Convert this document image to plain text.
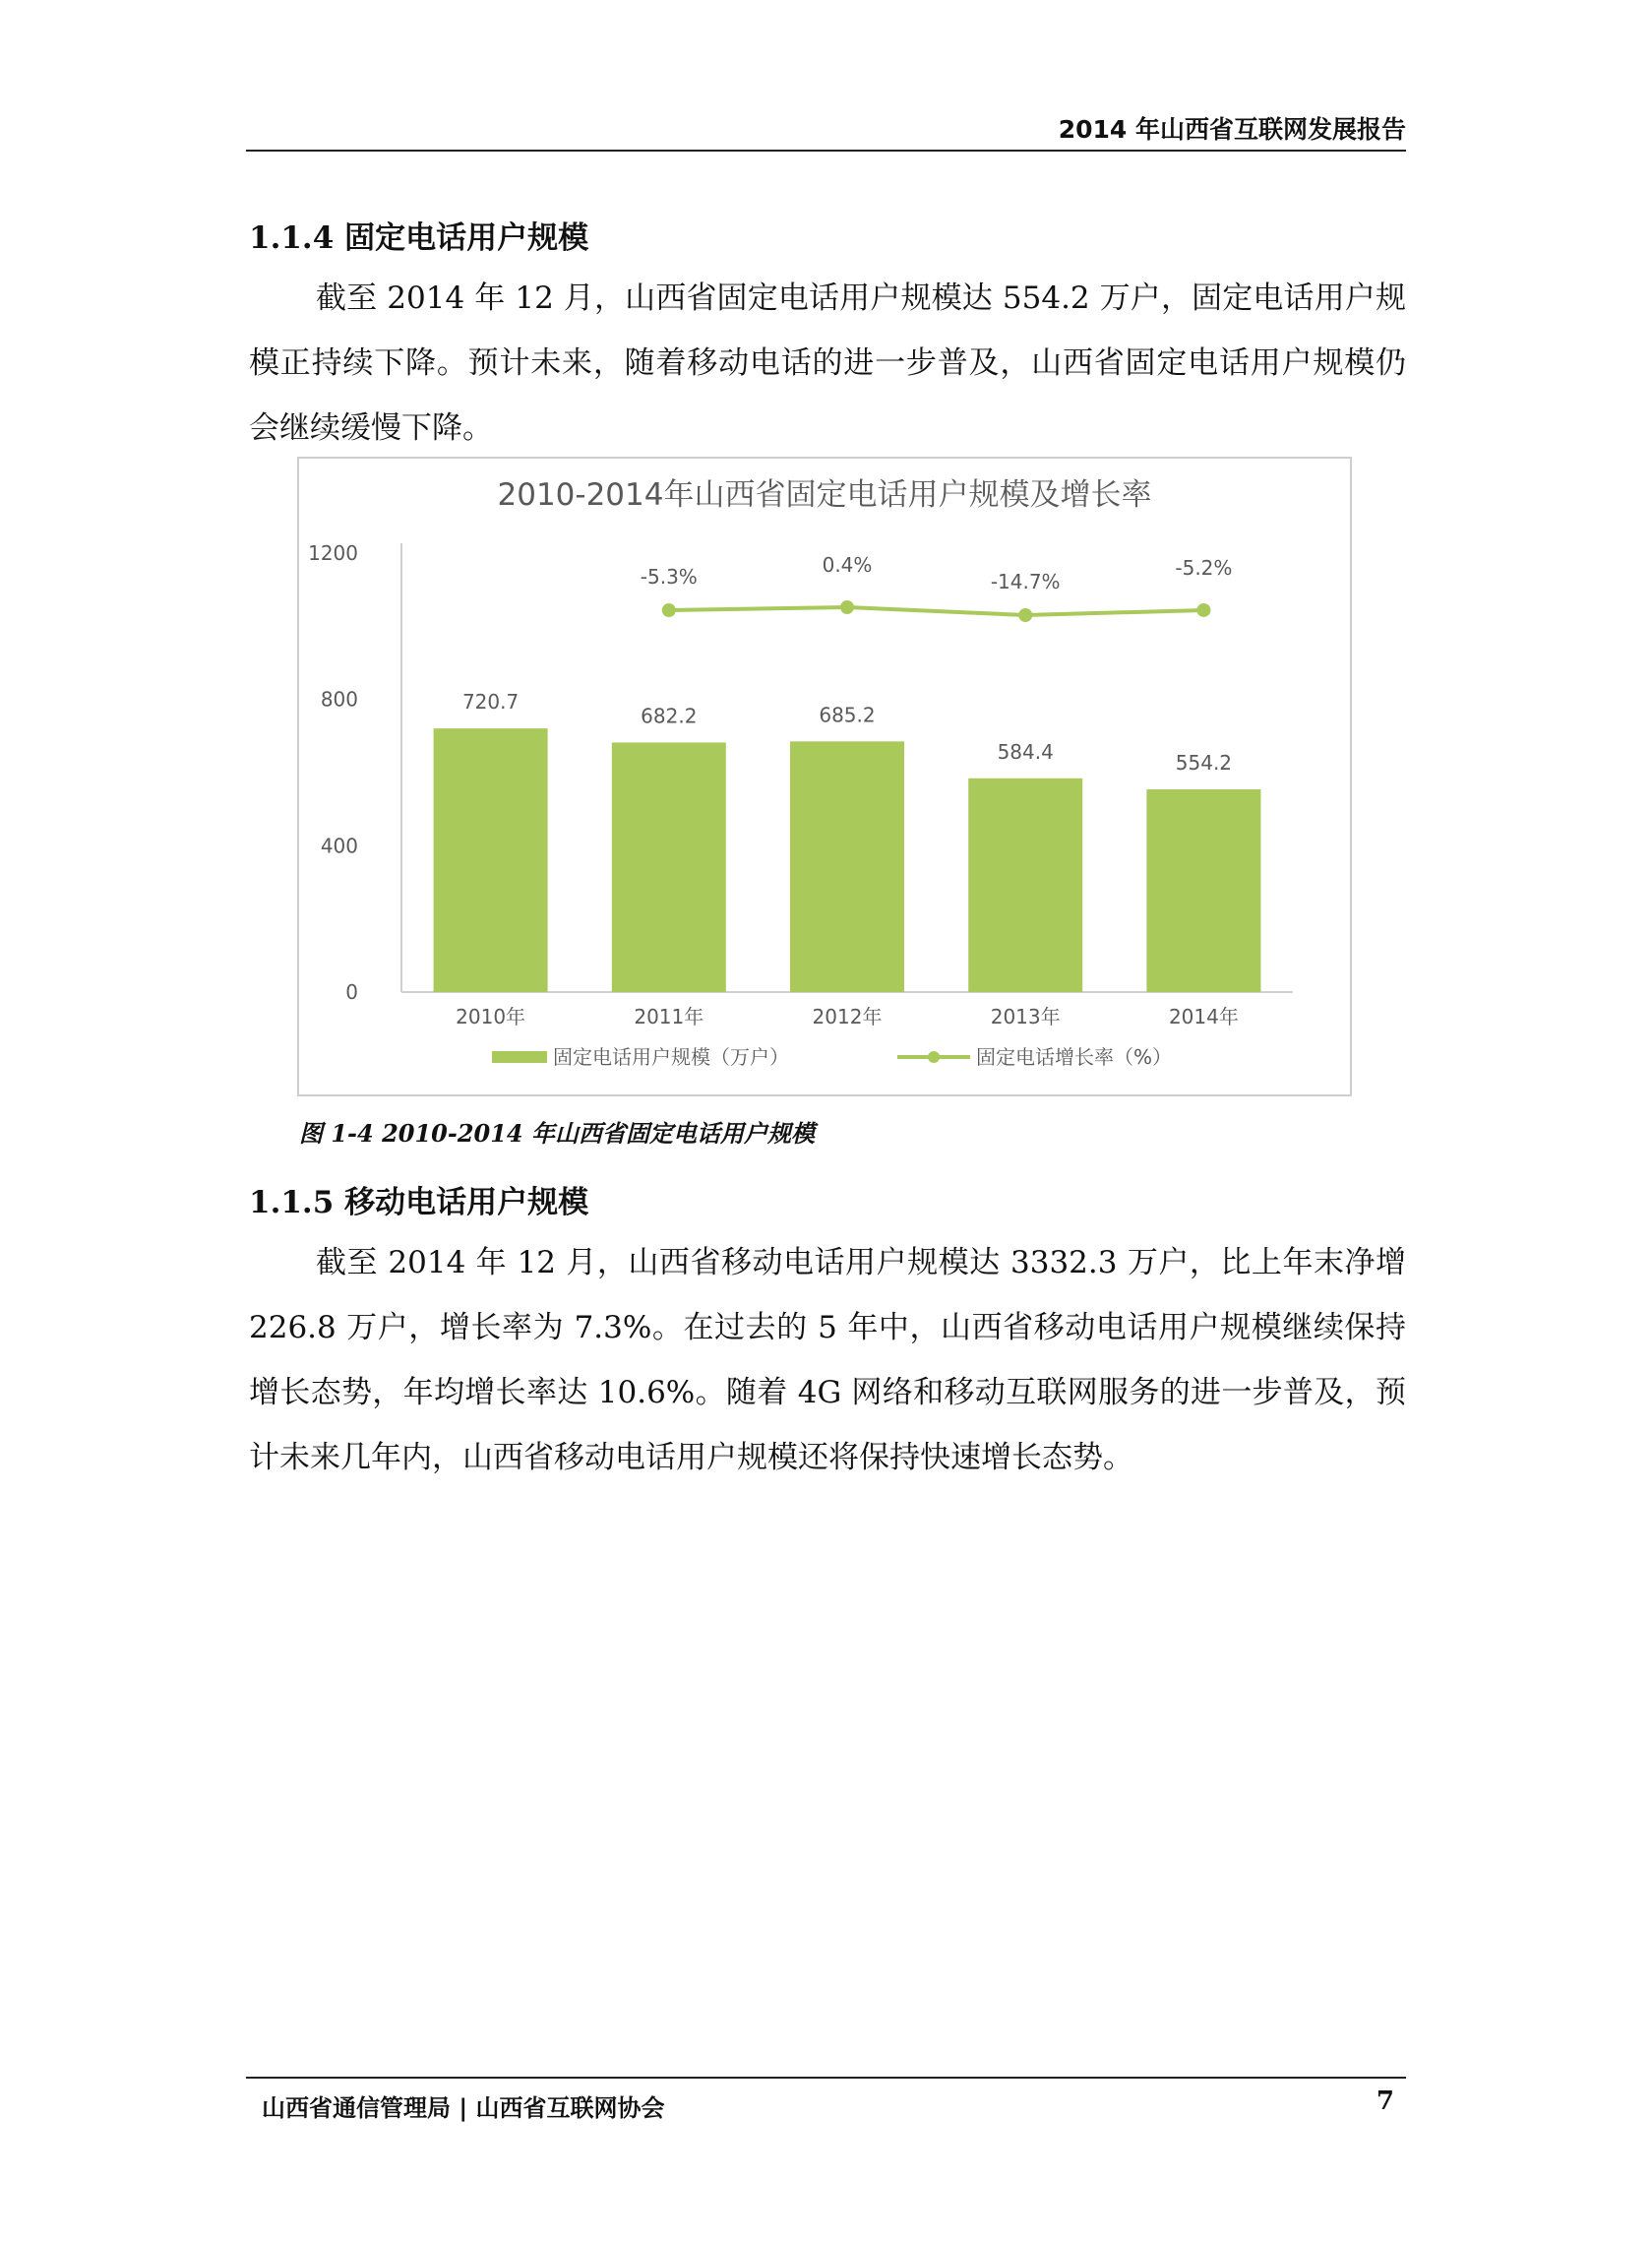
2014 年山西省互联网发展报告
1.1.4 固定电话用户规模
截至 2014 年 12 月，山西省固定电话用户规模达 554.2 万户，固定电话用户规模正持续下降。预计未来，随着移动电话的进一步普及，山西省固定电话用户规模仍会继续缓慢下降。
2010-2014年山西省固定电话用户规模及增长率
0
400
800
1200
720.7
2010年
682.2
2011年
685.2
2012年
584.4
2013年
554.2
2014年
-5.3%
0.4%
-14.7%
-5.2%
固定电话用户规模（万户）	固定电话增长率（%）
图 1-4 2010-2014 年山西省固定电话用户规模
1.1.5 移动电话用户规模
截至 2014 年 12 月，山西省移动电话用户规模达 3332.3 万户，比上年末净增 226.8 万户，增长率为 7.3%。在过去的 5 年中，山西省移动电话用户规模继续保持增长态势，年均增长率达 10.6%。随着 4G 网络和移动互联网服务的进一步普及，预计未来几年内，山西省移动电话用户规模还将保持快速增长态势。
山西省通信管理局 | 山西省互联网协会	7
